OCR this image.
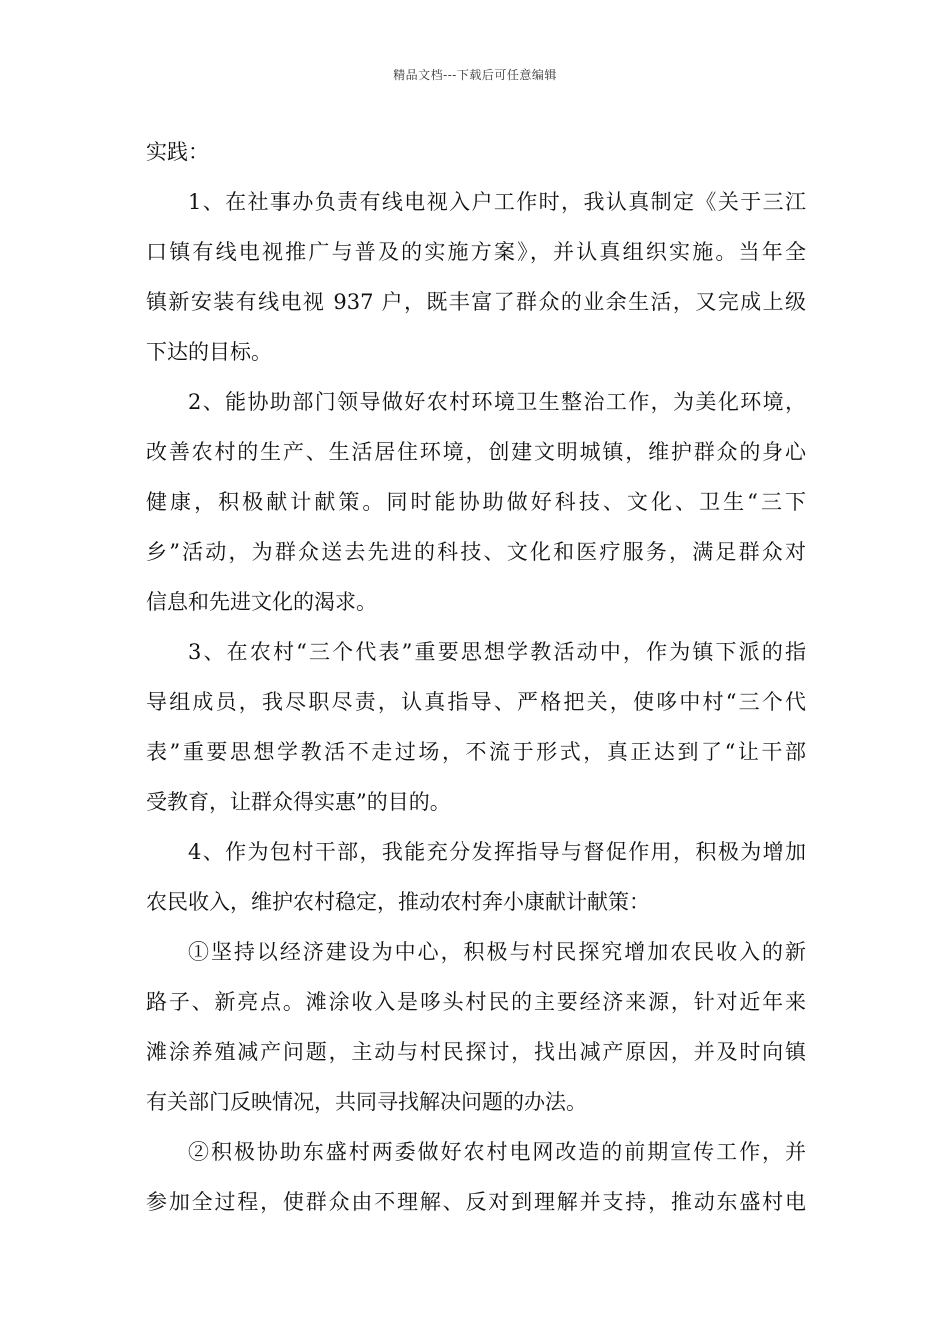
精品文档---下载后可任意编辑
实践：
1、在社事办负责有线电视入户工作时，我认真制定《关于三江
口镇有线电视推广与普及的实施方案》，并认真组织实施。当年全
镇新安装有线电视 937 户，既丰富了群众的业余生活，又完成上级
下达的目标。
2、能协助部门领导做好农村环境卫生整治工作，为美化环境，
改善农村的生产、生活居住环境，创建文明城镇，维护群众的身心
健康，积极献计献策。同时能协助做好科技、文化、卫生“三下
乡”活动，为群众送去先进的科技、文化和医疗服务，满足群众对
信息和先进文化的渴求。
3、在农村“三个代表”重要思想学教活动中，作为镇下派的指
导组成员，我尽职尽责，认真指导、严格把关，使哆中村“三个代
表”重要思想学教活不走过场，不流于形式，真正达到了“让干部
受教育，让群众得实惠”的目的。
4、作为包村干部，我能充分发挥指导与督促作用，积极为增加
农民收入，维护农村稳定，推动农村奔小康献计献策：
①坚持以经济建设为中心，积极与村民探究增加农民收入的新
路子、新亮点。滩涂收入是哆头村民的主要经济来源，针对近年来
滩涂养殖减产问题，主动与村民探讨，找出减产原因，并及时向镇
有关部门反映情况，共同寻找解决问题的办法。
②积极协助东盛村两委做好农村电网改造的前期宣传工作，并
参加全过程，使群众由不理解、反对到理解并支持，推动东盛村电
